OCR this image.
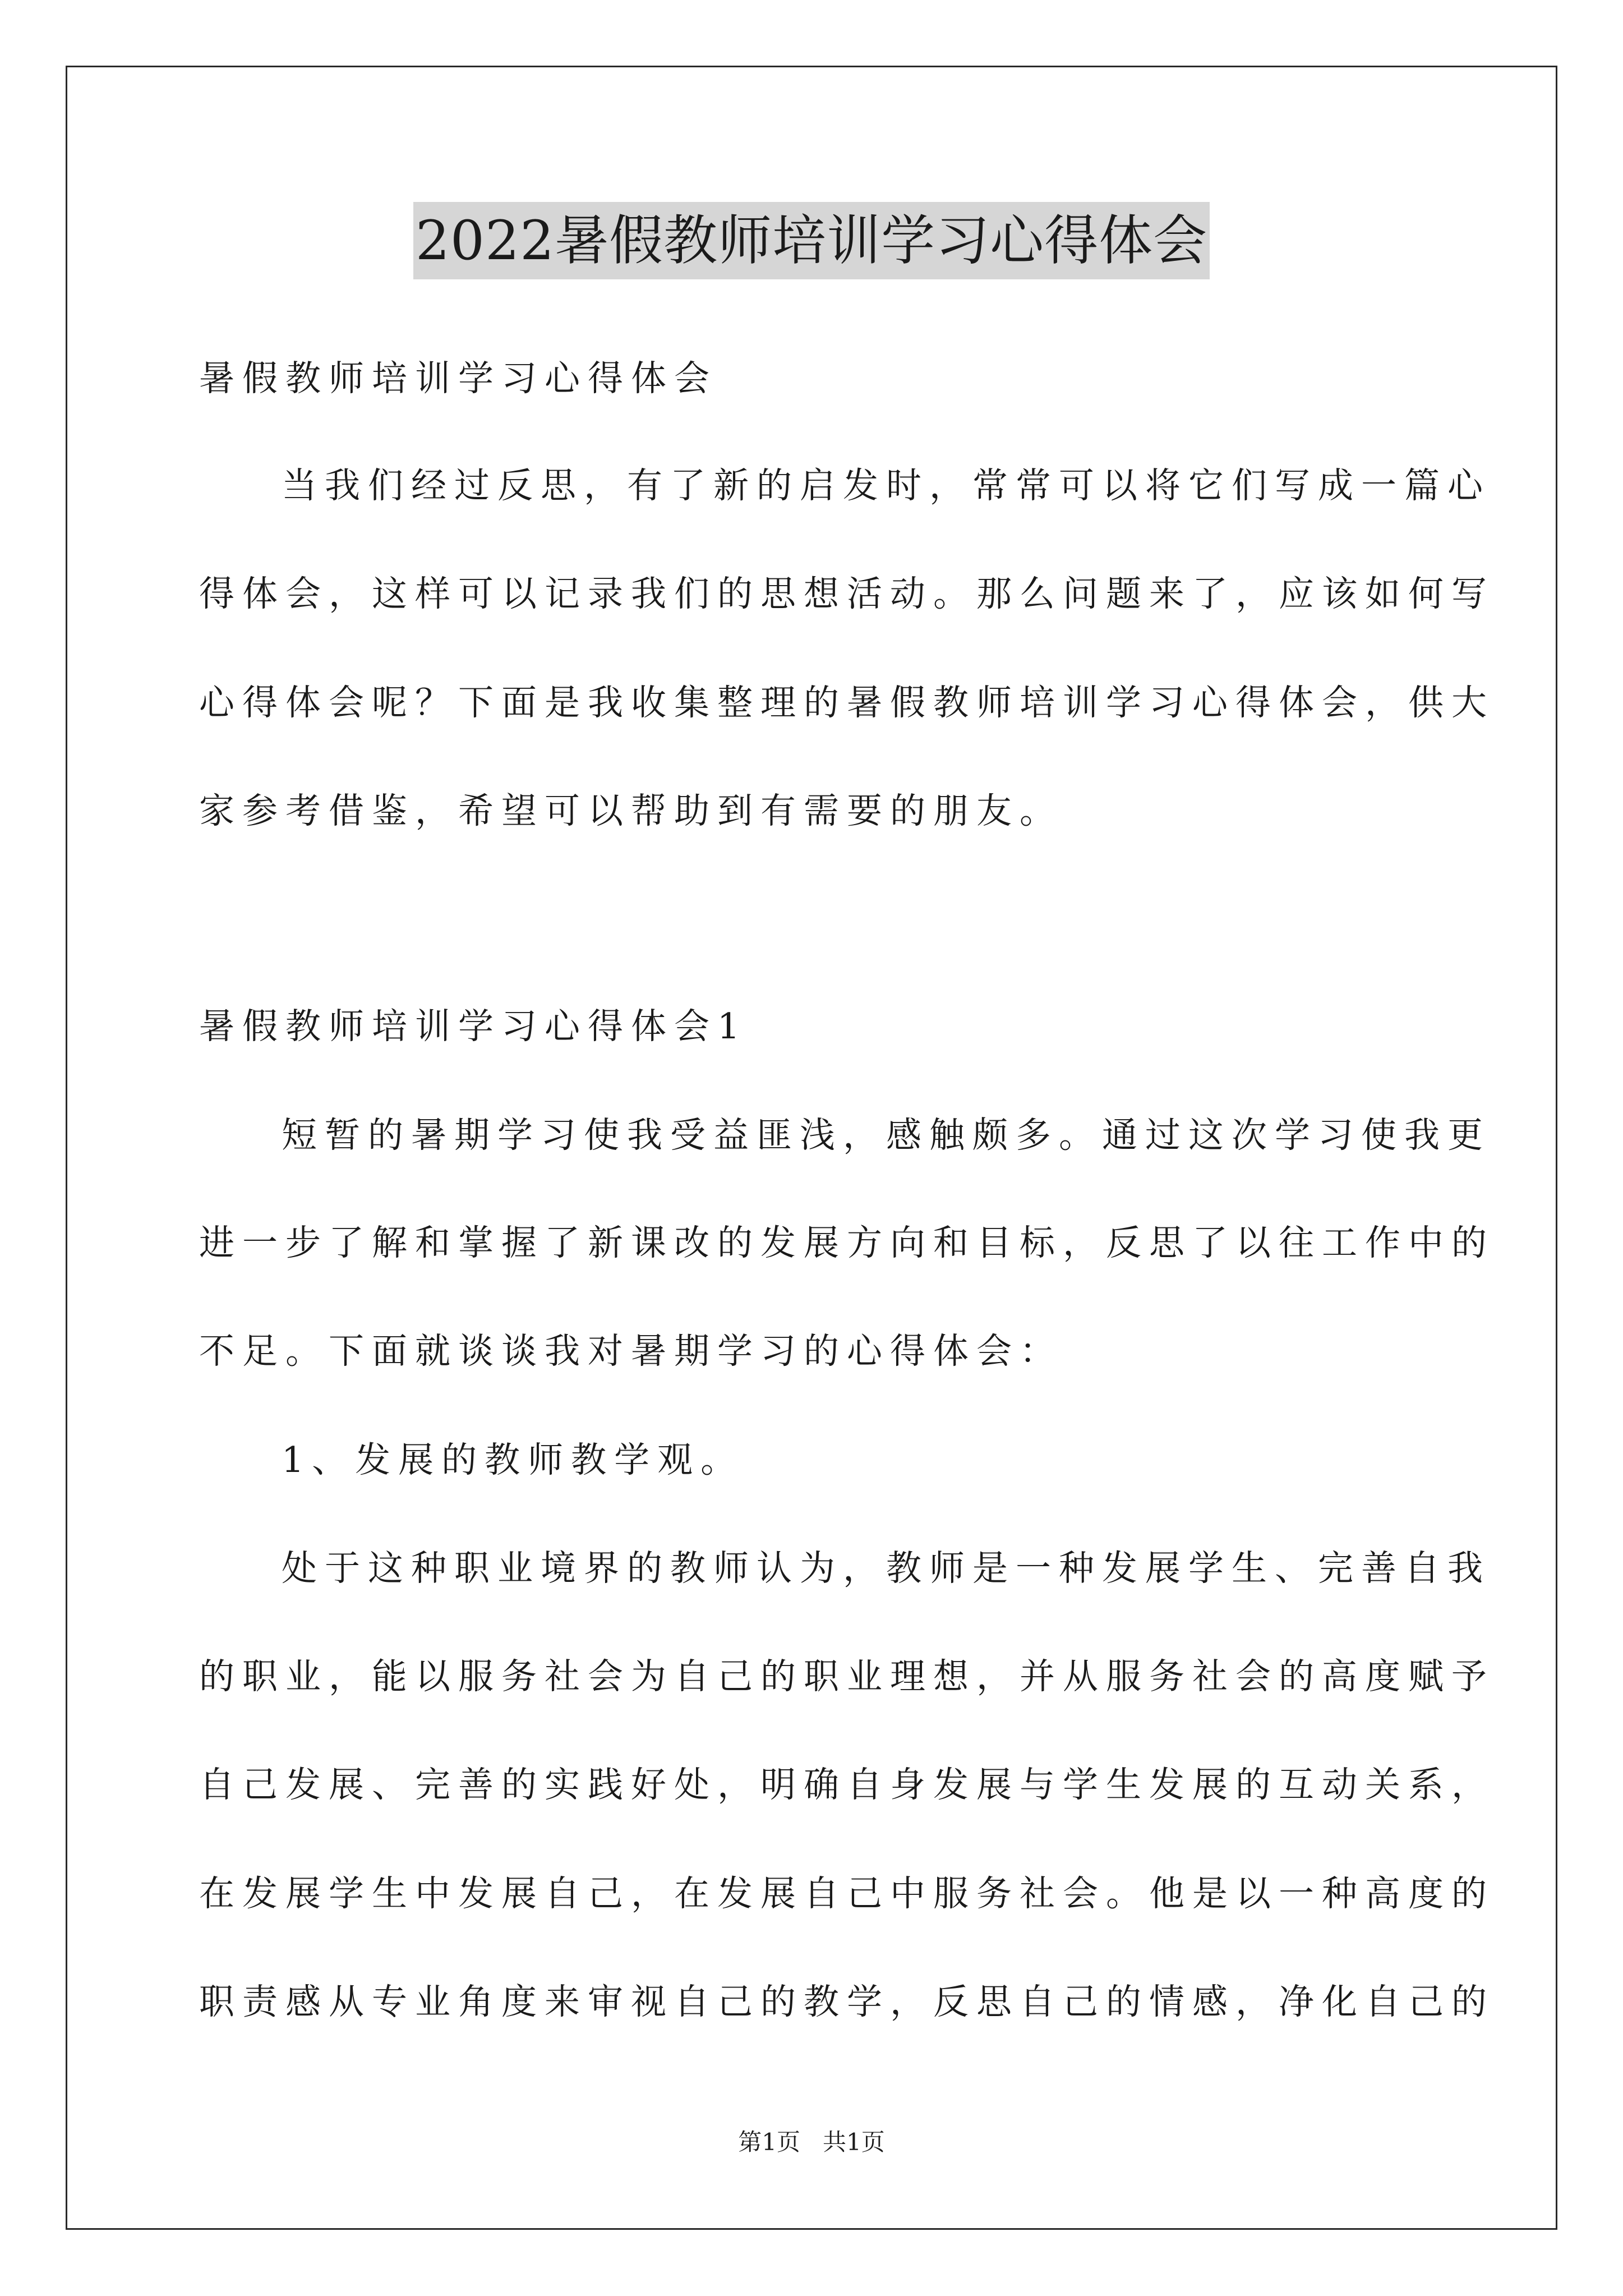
2022暑假教师培训学习心得体会
暑假教师培训学习心得体会
当我们经过反思，有了新的启发时，常常可以将它们写成一篇心
得体会，这样可以记录我们的思想活动。那么问题来了，应该如何写
心得体会呢？下面是我收集整理的暑假教师培训学习心得体会，供大
家参考借鉴，希望可以帮助到有需要的朋友。
暑假教师培训学习心得体会1
短暂的暑期学习使我受益匪浅，感触颇多。通过这次学习使我更
进一步了解和掌握了新课改的发展方向和目标，反思了以往工作中的
不足。下面就谈谈我对暑期学习的心得体会：
1、发展的教师教学观。
处于这种职业境界的教师认为，教师是一种发展学生、完善自我
的职业，能以服务社会为自己的职业理想，并从服务社会的高度赋予
自己发展、完善的实践好处，明确自身发展与学生发展的互动关系，
在发展学生中发展自己，在发展自己中服务社会。他是以一种高度的
职责感从专业角度来审视自己的教学，反思自己的情感，净化自己的
第1页 共1页
